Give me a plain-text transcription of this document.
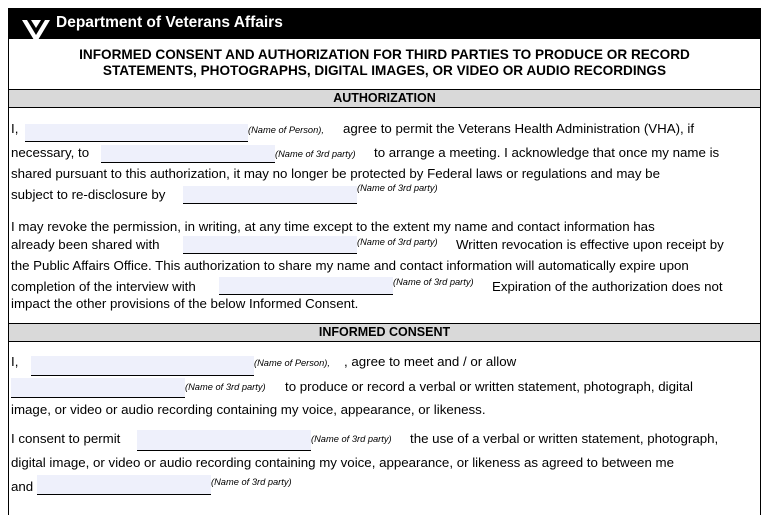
Department of Veterans Affairs
INFORMED CONSENT AND AUTHORIZATION FOR THIRD PARTIES TO PRODUCE OR RECORD
STATEMENTS, PHOTOGRAPHS, DIGITAL IMAGES, OR VIDEO OR AUDIO RECORDINGS
AUTHORIZATION
I,	(Name of Person), agree to permit the Veterans Health Administration (VHA), if
necessary, to	(Name of 3rd party) to arrange a meeting. I acknowledge that once my name is
shared pursuant to this authorization, it may no longer be protected by Federal laws or regulations and may be
subject to re-disclosure by	(Name of 3rd party)
I may revoke the permission, in writing, at any time except to the extent my name and contact information has
already been shared with	(Name of 3rd party) Written revocation is effective upon receipt by
the Public Affairs Office. This authorization to share my name and contact information will automatically expire upon
completion of the interview with	(Name of 3rd party) Expiration of the authorization does not
impact the other provisions of the below Informed Consent.
INFORMED CONSENT
I,	(Name of Person), , agree to meet and / or allow
(Name of 3rd party) to produce or record a verbal or written statement, photograph, digital
image, or video or audio recording containing my voice, appearance, or likeness.
I consent to permit	(Name of 3rd party) the use of a verbal or written statement, photograph,
digital image, or video or audio recording containing my voice, appearance, or likeness as agreed to between me
and	(Name of 3rd party)
